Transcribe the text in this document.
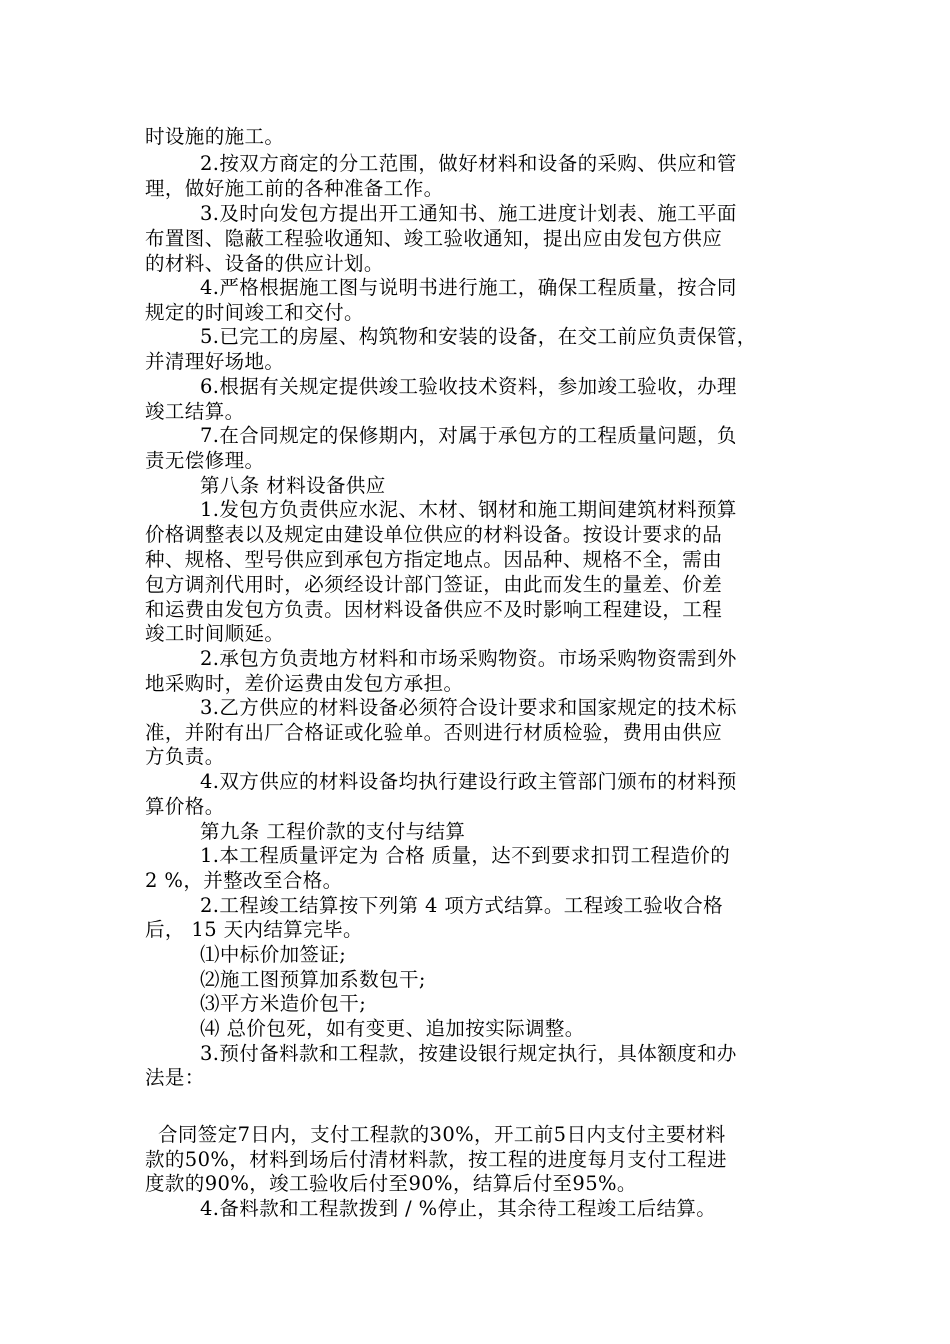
时设施的施工。
2.按双方商定的分工范围，做好材料和设备的采购、供应和管
理，做好施工前的各种准备工作。
3.及时向发包方提出开工通知书、施工进度计划表、施工平面
布置图、隐蔽工程验收通知、竣工验收通知，提出应由发包方供应
的材料、设备的供应计划。
4.严格根据施工图与说明书进行施工，确保工程质量，按合同
规定的时间竣工和交付。
5.已完工的房屋、构筑物和安装的设备，在交工前应负责保管，
并清理好场地。
6.根据有关规定提供竣工验收技术资料，参加竣工验收，办理
竣工结算。
7.在合同规定的保修期内，对属于承包方的工程质量问题，负
责无偿修理。
第八条 材料设备供应
1.发包方负责供应水泥、木材、钢材和施工期间建筑材料预算
价格调整表以及规定由建设单位供应的材料设备。按设计要求的品
种、规格、型号供应到承包方指定地点。因品种、规格不全，需由
包方调剂代用时，必须经设计部门签证，由此而发生的量差、价差
和运费由发包方负责。因材料设备供应不及时影响工程建设，工程
竣工时间顺延。
2.承包方负责地方材料和市场采购物资。市场采购物资需到外
地采购时，差价运费由发包方承担。
3.乙方供应的材料设备必须符合设计要求和国家规定的技术标
准，并附有出厂合格证或化验单。否则进行材质检验，费用由供应
方负责。
4.双方供应的材料设备均执行建设行政主管部门颁布的材料预
算价格。
第九条 工程价款的支付与结算
1.本工程质量评定为 合格 质量，达不到要求扣罚工程造价的
2 %，并整改至合格。
2.工程竣工结算按下列第 4 项方式结算。工程竣工验收合格
后， 15 天内结算完毕。
⑴中标价加签证;
⑵施工图预算加系数包干;
⑶平方米造价包干;
⑷ 总价包死，如有变更、追加按实际调整。
3.预付备料款和工程款，按建设银行规定执行，具体额度和办
法是：
合同签定7日内，支付工程款的30%，开工前5日内支付主要材料
款的50%，材料到场后付清材料款，按工程的进度每月支付工程进
度款的90%，竣工验收后付至90%，结算后付至95%。
4.备料款和工程款拨到 / %停止，其余待工程竣工后结算。
